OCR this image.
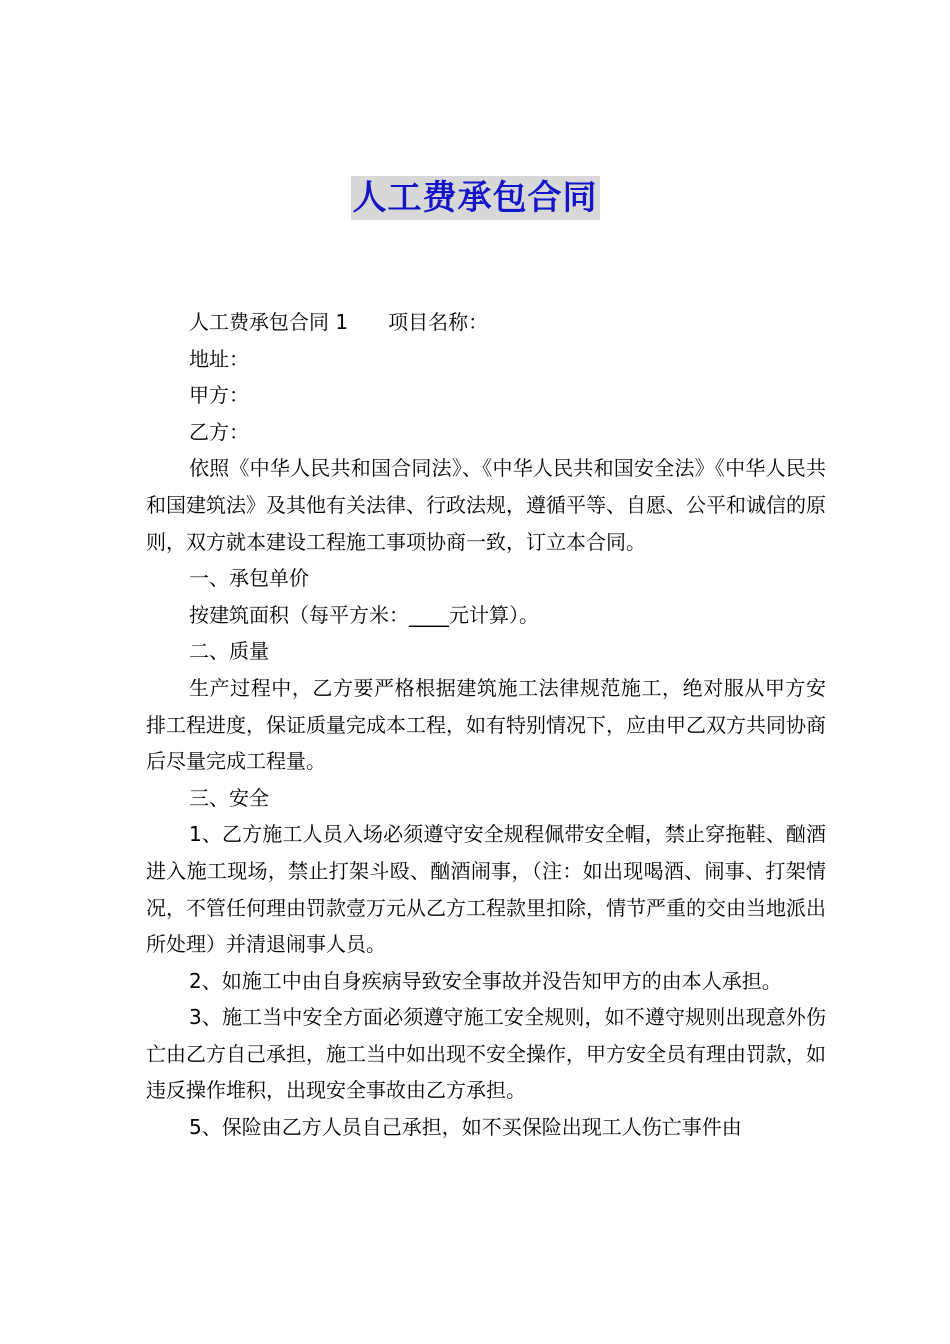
人工费承包合同

人工费承包合同 1 项目名称：

地址：

甲方：

乙方：

依照《中华人民共和国合同法》、《中华人民共和国安全法》《中华人民共和国建筑法》及其他有关法律、行政法规，遵循平等、自愿、公平和诚信的原则，双方就本建设工程施工事项协商一致，订立本合同。

一、承包单价

按建筑面积（每平方米：____元计算）。

二、质量

生产过程中，乙方要严格根据建筑施工法律规范施工，绝对服从甲方安排工程进度，保证质量完成本工程，如有特别情况下，应由甲乙双方共同协商后尽量完成工程量。

三、安全

1、乙方施工人员入场必须遵守安全规程佩带安全帽，禁止穿拖鞋、酗酒进入施工现场，禁止打架斗殴、酗酒闹事，（注：如出现喝酒、闹事、打架情况，不管任何理由罚款壹万元从乙方工程款里扣除，情节严重的交由当地派出所处理）并清退闹事人员。

2、如施工中由自身疾病导致安全事故并没告知甲方的由本人承担。

3、施工当中安全方面必须遵守施工安全规则，如不遵守规则出现意外伤亡由乙方自己承担，施工当中如出现不安全操作，甲方安全员有理由罚款，如违反操作堆积，出现安全事故由乙方承担。

5、保险由乙方人员自己承担，如不买保险出现工人伤亡事件由
